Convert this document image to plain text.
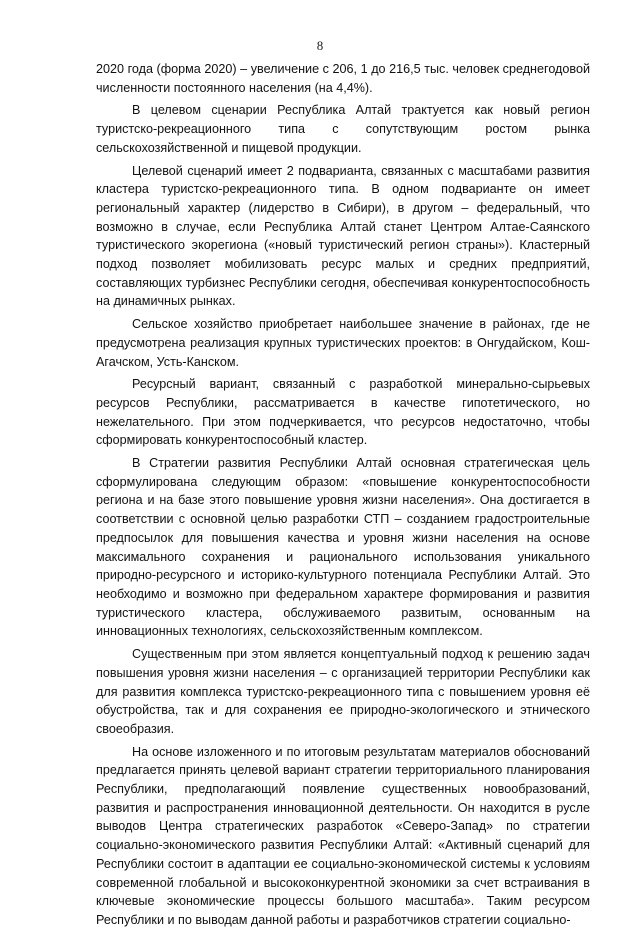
8

2020 года (форма 2020) – увеличение с 206, 1 до 216,5 тыс. человек среднегодовой численности постоянного населения (на 4,4%).

В целевом сценарии Республика Алтай трактуется как новый регион туристско-рекреационного типа с сопутствующим ростом рынка сельскохозяйственной и пищевой продукции.

Целевой сценарий имеет 2 подварианта, связанных с масштабами развития кластера туристско-рекреационного типа. В одном подварианте он имеет региональный характер (лидерство в Сибири), в другом – федеральный, что возможно в случае, если Республика Алтай станет Центром Алтае-Саянского туристического экорегиона («новый туристический регион страны»). Кластерный подход позволяет мобилизовать ресурс малых и средних предприятий, составляющих турбизнес Республики сегодня, обеспечивая конкурентоспособность на динамичных рынках.

Сельское хозяйство приобретает наибольшее значение в районах, где не предусмотрена реализация крупных туристических проектов: в Онгудайском, Кош-Агачском, Усть-Канском.

Ресурсный вариант, связанный с разработкой минерально-сырьевых ресурсов Республики, рассматривается в качестве гипотетического, но нежелательного. При этом подчеркивается, что ресурсов недостаточно, чтобы сформировать конкурентоспособный кластер.

В Стратегии развития Республики Алтай основная стратегическая цель сформулирована следующим образом: «повышение конкурентоспособности региона и на базе этого повышение уровня жизни населения». Она достигается в соответствии с основной целью разработки СТП – созданием градостроительные предпосылок для повышения качества и уровня жизни населения на основе максимального сохранения и рационального использования уникального природно-ресурсного и историко-культурного потенциала Республики Алтай. Это необходимо и возможно при федеральном характере формирования и развития туристического кластера, обслуживаемого развитым, основанным на инновационных технологиях, сельскохозяйственным комплексом.

Существенным при этом является концептуальный подход к решению задач повышения уровня жизни населения – с организацией территории Республики как для развития комплекса туристско-рекреационного типа с повышением уровня её обустройства, так и для сохранения ее природно-экологического и этнического своеобразия.

На основе изложенного и по итоговым результатам материалов обоснований предлагается принять целевой вариант стратегии территориального планирования Республики, предполагающий появление существенных новообразований, развития и распространения инновационной деятельности. Он находится в русле выводов Центра стратегических разработок «Северо-Запад» по стратегии социально-экономического развития Республики Алтай: «Активный сценарий для Республики состоит в адаптации ее социально-экономической системы к условиям современной глобальной и высококонкурентной экономики за счет встраивания в ключевые экономические процессы большого масштаба». Таким ресурсом Республики и по выводам данной работы и разработчиков стратегии социально-
